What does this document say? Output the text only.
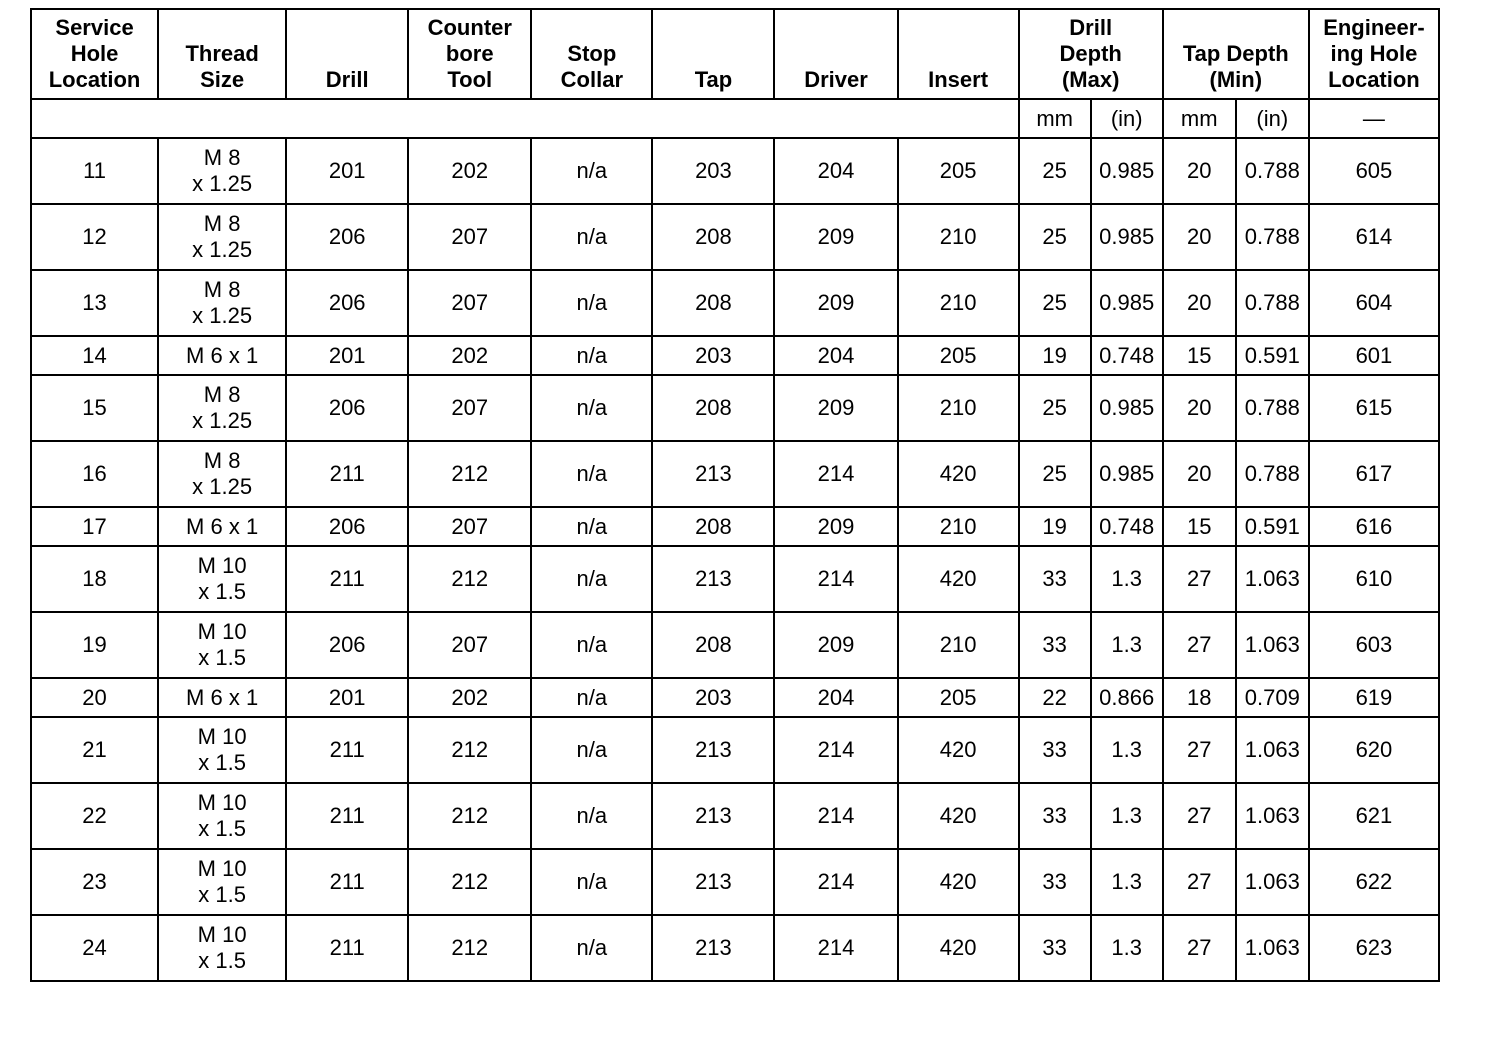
Service
Hole
Location	Thread
Size	Drill	Counter
bore
Tool	Stop
Collar	Tap	Driver	Insert	Drill
Depth
(Max)		Tap Depth
(Min)		Engineer-
ing Hole
Location

								mm	(in)	mm	(in)	—
11	M 8
x 1.25	201	202	n/a	203	204	205	25	0.985	20	0.788	605
12	M 8
x 1.25	206	207	n/a	208	209	210	25	0.985	20	0.788	614
13	M 8
x 1.25	206	207	n/a	208	209	210	25	0.985	20	0.788	604
14	M 6 x 1	201	202	n/a	203	204	205	19	0.748	15	0.591	601
15	M 8
x 1.25	206	207	n/a	208	209	210	25	0.985	20	0.788	615
16	M 8
x 1.25	211	212	n/a	213	214	420	25	0.985	20	0.788	617
17	M 6 x 1	206	207	n/a	208	209	210	19	0.748	15	0.591	616
18	M 10
x 1.5	211	212	n/a	213	214	420	33	1.3	27	1.063	610
19	M 10
x 1.5	206	207	n/a	208	209	210	33	1.3	27	1.063	603
20	M 6 x 1	201	202	n/a	203	204	205	22	0.866	18	0.709	619
21	M 10
x 1.5	211	212	n/a	213	214	420	33	1.3	27	1.063	620
22	M 10
x 1.5	211	212	n/a	213	214	420	33	1.3	27	1.063	621
23	M 10
x 1.5	211	212	n/a	213	214	420	33	1.3	27	1.063	622
24	M 10
x 1.5	211	212	n/a	213	214	420	33	1.3	27	1.063	623
